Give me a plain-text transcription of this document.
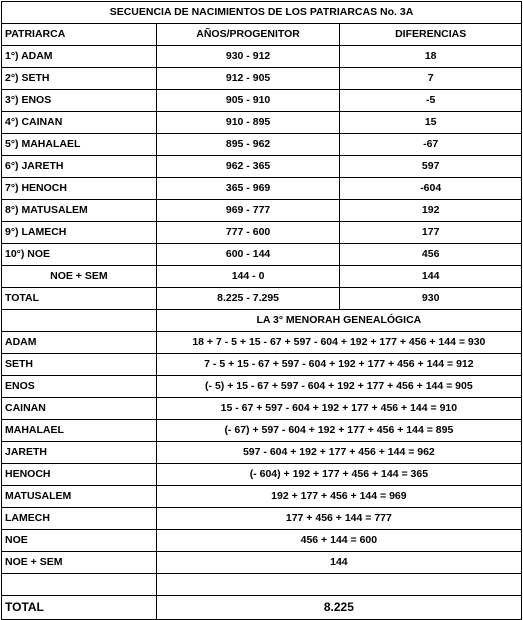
SECUENCIA DE NACIMIENTOS DE LOS PATRIARCAS No. 3A		
PATRIARCA	AÑOS/PROGENITOR	DIFERENCIAS
1°) ADAM	930 - 912	18
2°) SETH	912 - 905	7
3°) ENOS	905 - 910	-5
4°) CAINAN	910 - 895	15
5°) MAHALAEL	895 - 962	-67
6°) JARETH	962 - 365	597
7°) HENOCH	365 - 969	-604
8°) MATUSALEM	969 - 777	192
9°) LAMECH	777 - 600	177
10°) NOE	600 - 144	456
NOE + SEM	144 - 0	144
TOTAL	8.225 - 7.295	930
	LA 3° MENORAH GENEALÓGICA	
ADAM	18 + 7 - 5 + 15 - 67 + 597 - 604 + 192 + 177 + 456 + 144 = 930	
SETH	7 - 5 + 15 - 67 + 597 - 604 + 192 + 177 + 456 + 144 = 912	
ENOS	(- 5) + 15 - 67 + 597 - 604 + 192 + 177 + 456 + 144 = 905	
CAINAN	15 - 67 + 597 - 604 + 192 + 177 + 456 + 144 = 910	
MAHALAEL	(- 67) + 597 - 604 + 192 + 177 + 456 + 144 = 895	
JARETH	597 - 604 + 192 + 177 + 456 + 144 = 962	
HENOCH	(- 604) + 192 + 177 + 456 + 144 = 365	
MATUSALEM	192 + 177 + 456 + 144 = 969	
LAMECH	177 + 456 + 144 = 777	
NOE	456 + 144 = 600	
NOE + SEM	144	

TOTAL	8.225	
